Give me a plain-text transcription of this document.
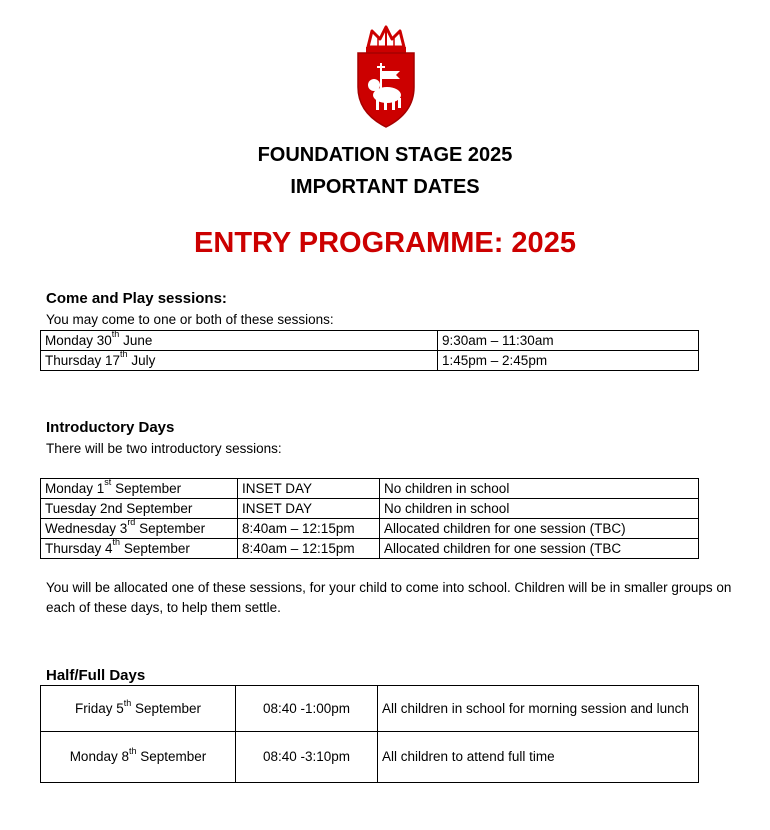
FOUNDATION STAGE 2025
IMPORTANT DATES
ENTRY PROGRAMME: 2025
Come and Play sessions:
You may come to one or both of these sessions:
Monday 30th June	9:30am – 11:30am
Thursday 17th July	1:45pm – 2:45pm
Introductory Days
There will be two introductory sessions:
Monday 1st September	INSET DAY	No children in school
Tuesday 2nd September	INSET DAY	No children in school
Wednesday 3rd September	8:40am – 12:15pm	Allocated children for one session (TBC)
Thursday 4th September	8:40am – 12:15pm	Allocated children for one session (TBC
You will be allocated one of these sessions, for your child to come into school. Children will be in smaller groups on each of these days, to help them settle.
Half/Full Days
Friday 5th September	08:40 -1:00pm	All children in school for morning session and lunch
Monday 8th September	08:40 -3:10pm	All children to attend full time
